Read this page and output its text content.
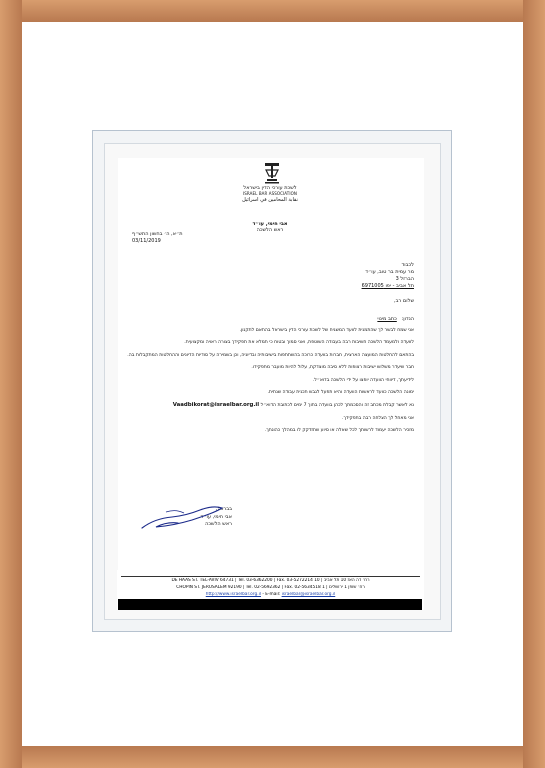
לשכת עורכי הדין בישראל

ISRAEL BAR ASSOCIATION

نقابة المحامين في اسرائيل

אבי חימי, עו״ד
ראש הלשכה
ת״א, ה׳ בחשון התש״ף
03/11/2019
לכבוד
מר עמית בר טוב, עו״ד
הברזל 3
תל אביב - יפו 6971005
שלום רב,
הנדון:   כתב מינוי

אני שמח לבשר לך שהתמנית לוועד המשגיח של לשכת עורכי הדין בישראל בהתאם לתקנון.

לוועדה ולמעמד הלשכה חשיבות רבה בעבודה השוטפת, ואני סמוך ובטוח כי תמלא את תפקידך בצורה ראויה ומקצועית.

בהתאם להחלטות המועצה הארצית, חברות בוועדה כרוכה בהשתתפות בישיבותיה ובדיוניה, וכן בשמירה על סודיות הדיונים וההחלטות המתקבלות בה.

חבר שיעדר משלוש ישיבות רצופות ללא סיבה מוצדקת, עלול להיות מועבר מתפקידו.

לידיעתך, דיווחי הוועדה יופצו על ידי הלשכה בדוא״ל.

ימונה הלשכה כוועד לראשות הוועדה והיא תפעל לגבש תכנית עבודה שנתית.

נא לאשר קבלת מכתב זה והסכמתך לכהן בוועדה בתוך 7 ימים לכתובת הדוא״ל Vaadbikorat@israelbar.org.il

אני מאחל לך הצלחה רבה בתפקידך.

מזכיר הלשכה יעמוד לרשותך לכל שאלה או סיוע שתזדקק לו במהלך כהונתך.

בברכה,
אבי חימי, עו״ד
ראש הלשכה
רח׳ דה האז 10 תל אביב | 10 DE HAAS ST. TEL-AVIV 64731 | Tel. 03-6362200 | Fax. 03-5272214
רח׳ שופן 1 ירושלים | 1 CHOPIN ST. JERUSALEM 92190 | Tel. 02-5692362 | Fax. 02-5634518
http://www.israelbar.org.il - E-mail: israelbar@israelbar.org.il
